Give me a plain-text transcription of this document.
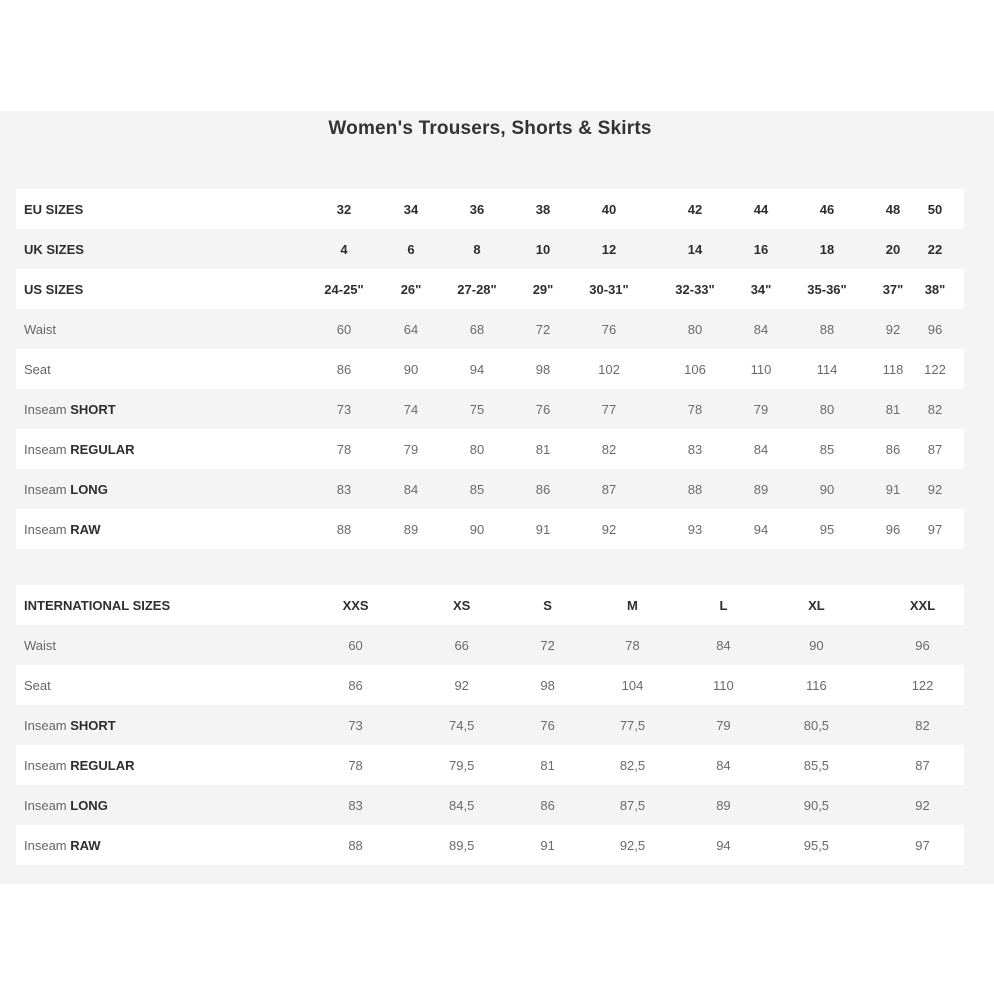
Women's Trousers, Shorts & Skirts
EU SIZES	32	34	36	38	40	42	44	46	48	50
UK SIZES	4	6	8	10	12	14	16	18	20	22
US SIZES	24-25"	26"	27-28"	29"	30-31"	32-33"	34"	35-36"	37"	38"
Waist	60	64	68	72	76	80	84	88	92	96
Seat	86	90	94	98	102	106	110	114	118	122
Inseam SHORT	73	74	75	76	77	78	79	80	81	82
Inseam REGULAR	78	79	80	81	82	83	84	85	86	87
Inseam LONG	83	84	85	86	87	88	89	90	91	92
Inseam RAW	88	89	90	91	92	93	94	95	96	97
INTERNATIONAL SIZES	XXS	XS	S	M	L	XL	XXL
Waist	60	66	72	78	84	90	96
Seat	86	92	98	104	110	116	122
Inseam SHORT	73	74,5	76	77,5	79	80,5	82
Inseam REGULAR	78	79,5	81	82,5	84	85,5	87
Inseam LONG	83	84,5	86	87,5	89	90,5	92
Inseam RAW	88	89,5	91	92,5	94	95,5	97
